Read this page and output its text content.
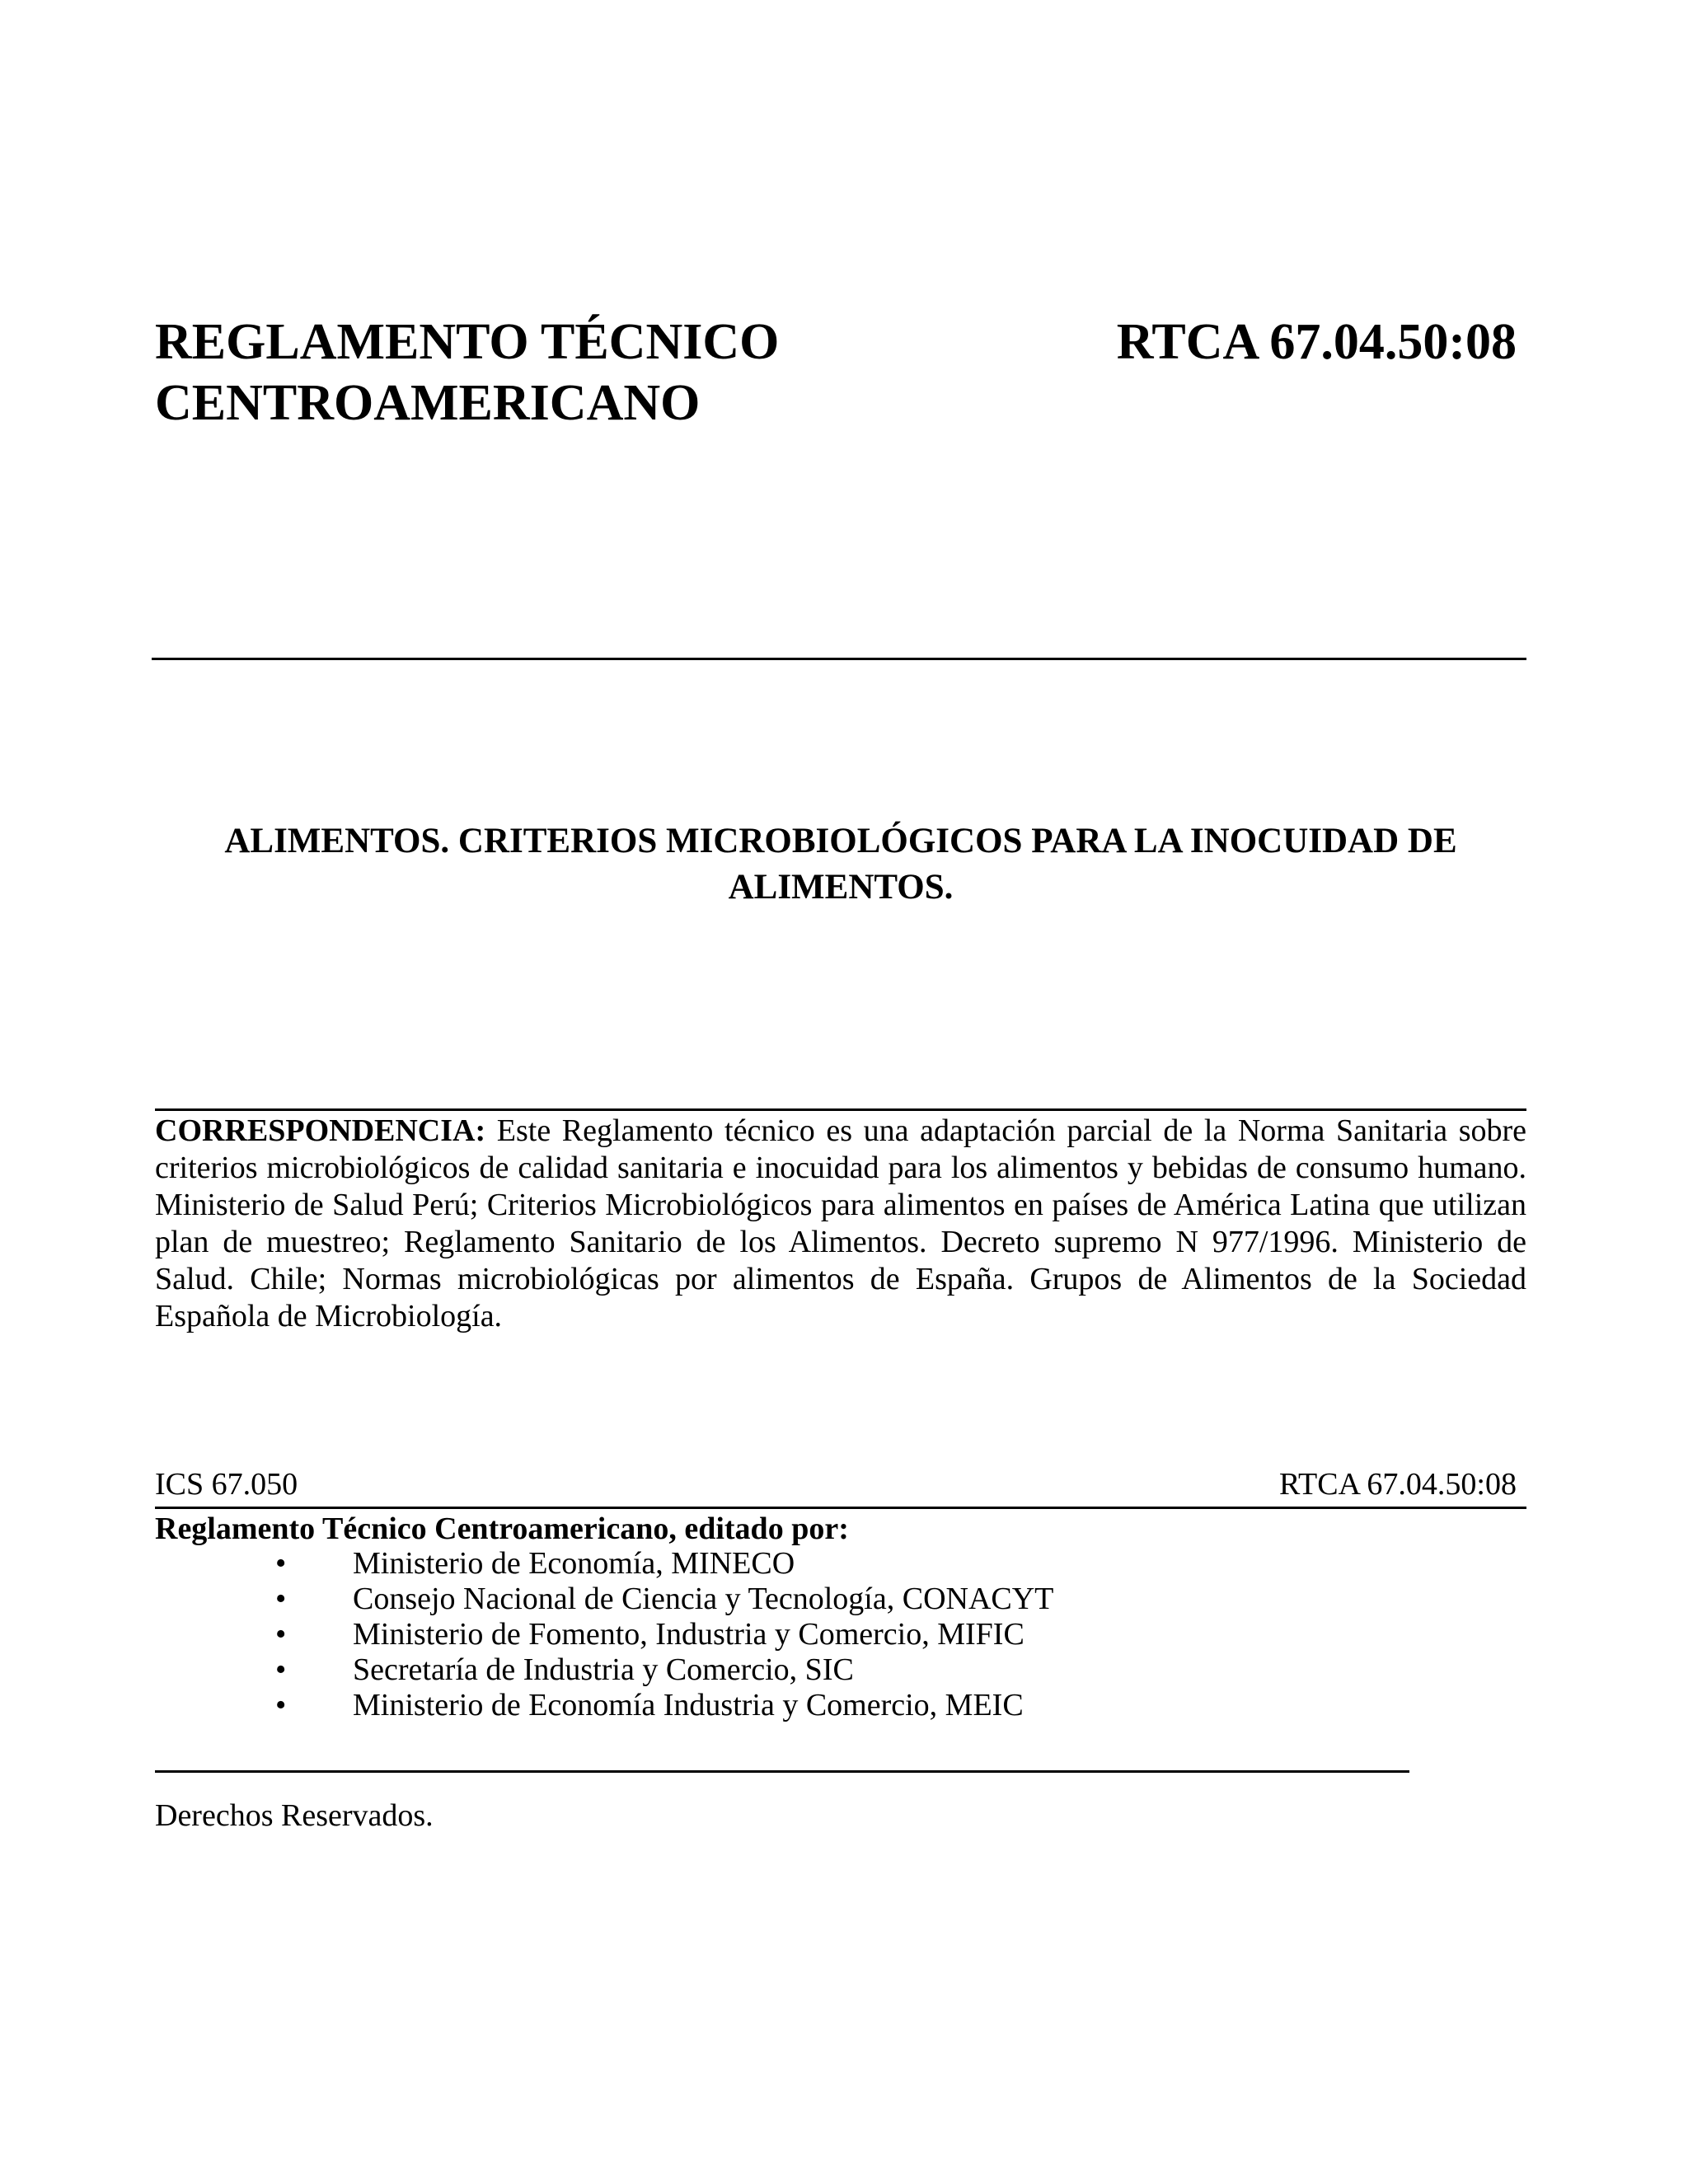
REGLAMENTO TÉCNICO
CENTROAMERICANO
RTCA 67.04.50:08
ALIMENTOS. CRITERIOS MICROBIOLÓGICOS PARA LA INOCUIDAD DE
ALIMENTOS.
CORRESPONDENCIA: Este Reglamento técnico es una adaptación parcial de la Norma Sanitaria sobre criterios microbiológicos de calidad sanitaria e inocuidad para los alimentos y bebidas de consumo humano. Ministerio de Salud Perú; Criterios Microbiológicos para alimentos en países de América Latina que utilizan plan de muestreo; Reglamento Sanitario de los Alimentos. Decreto supremo N 977/1996. Ministerio de Salud. Chile; Normas microbiológicas por alimentos de España. Grupos de Alimentos de la Sociedad Española de Microbiología.
ICS 67.050	RTCA 67.04.50:08
Reglamento Técnico Centroamericano, editado por:
• Ministerio de Economía, MINECO
• Consejo Nacional de Ciencia y Tecnología, CONACYT
• Ministerio de Fomento, Industria y Comercio, MIFIC
• Secretaría de Industria y Comercio, SIC
• Ministerio de Economía Industria y Comercio, MEIC
Derechos Reservados.
